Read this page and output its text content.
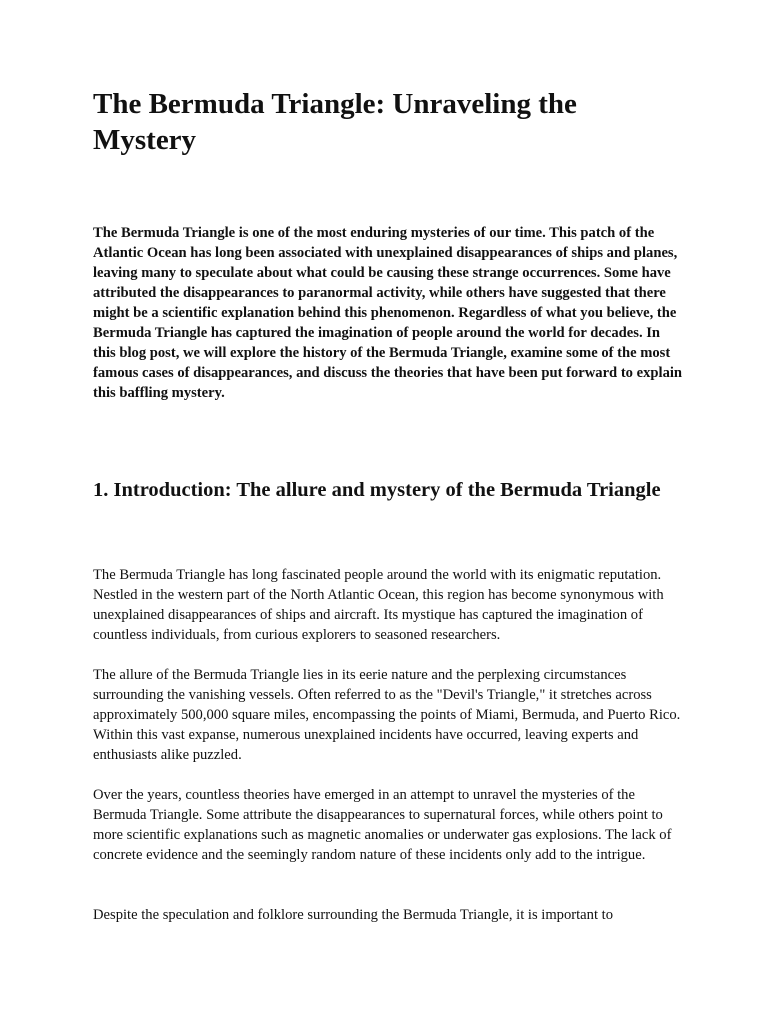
The Bermuda Triangle: Unraveling the Mystery

The Bermuda Triangle is one of the most enduring mysteries of our time. This patch of the Atlantic Ocean has long been associated with unexplained disappearances of ships and planes, leaving many to speculate about what could be causing these strange occurrences. Some have attributed the disappearances to paranormal activity, while others have suggested that there might be a scientific explanation behind this phenomenon. Regardless of what you believe, the Bermuda Triangle has captured the imagination of people around the world for decades. In this blog post, we will explore the history of the Bermuda Triangle, examine some of the most famous cases of disappearances, and discuss the theories that have been put forward to explain this baffling mystery.

1. Introduction: The allure and mystery of the Bermuda Triangle

The Bermuda Triangle has long fascinated people around the world with its enigmatic reputation. Nestled in the western part of the North Atlantic Ocean, this region has become synonymous with unexplained disappearances of ships and aircraft. Its mystique has captured the imagination of countless individuals, from curious explorers to seasoned researchers.

The allure of the Bermuda Triangle lies in its eerie nature and the perplexing circumstances surrounding the vanishing vessels. Often referred to as the "Devil's Triangle," it stretches across approximately 500,000 square miles, encompassing the points of Miami, Bermuda, and Puerto Rico. Within this vast expanse, numerous unexplained incidents have occurred, leaving experts and enthusiasts alike puzzled.

Over the years, countless theories have emerged in an attempt to unravel the mysteries of the Bermuda Triangle. Some attribute the disappearances to supernatural forces, while others point to more scientific explanations such as magnetic anomalies or underwater gas explosions. The lack of concrete evidence and the seemingly random nature of these incidents only add to the intrigue.

Despite the speculation and folklore surrounding the Bermuda Triangle, it is important to
